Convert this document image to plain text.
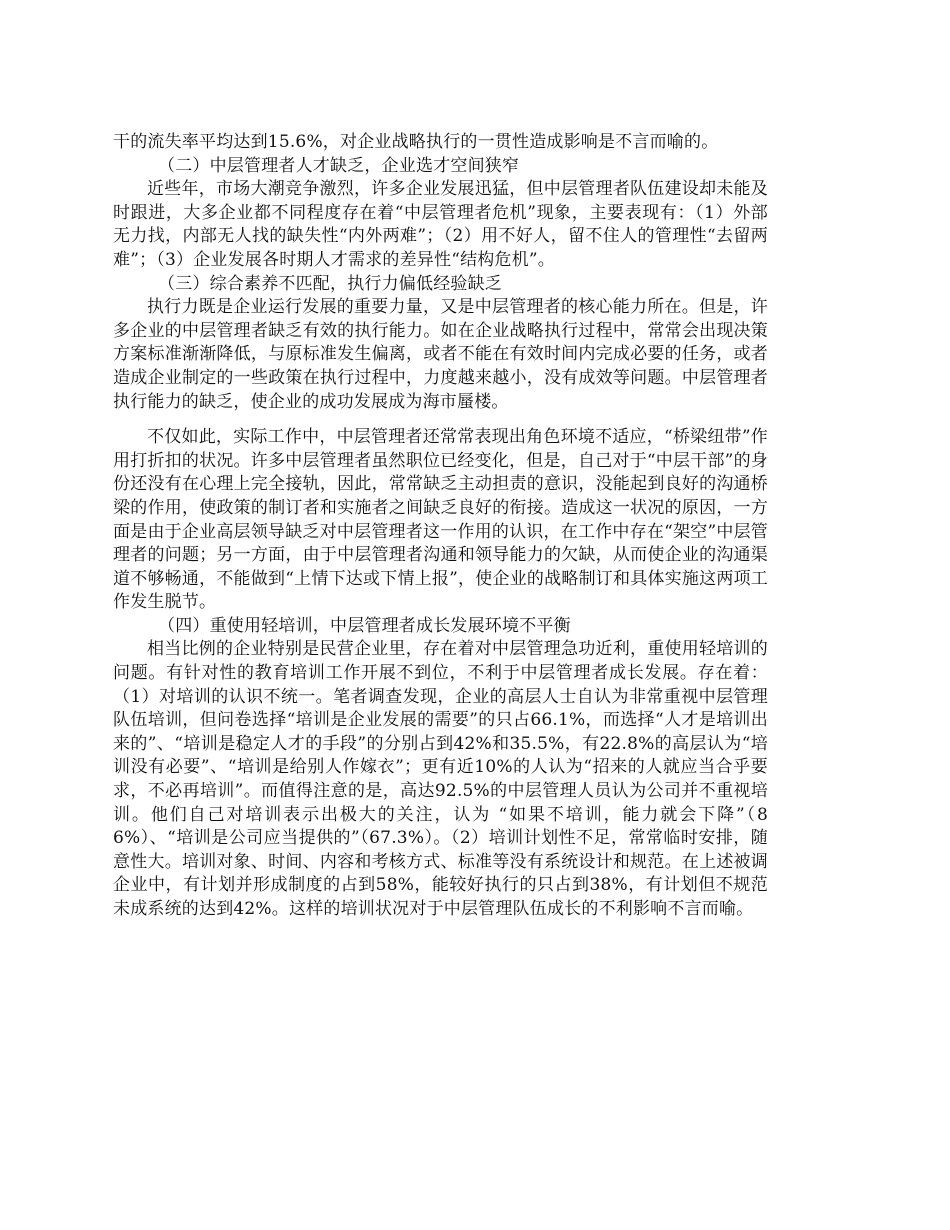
干的流失率平均达到15.6%，对企业战略执行的一贯性造成影响是不言而喻的。

（二）中层管理者人才缺乏，企业选才空间狭窄

近些年，市场大潮竞争激烈，许多企业发展迅猛，但中层管理者队伍建设却未能及时跟进，大多企业都不同程度存在着“中层管理者危机”现象，主要表现有：（1）外部无力找，内部无人找的缺失性“内外两难”；（2）用不好人，留不住人的管理性“去留两难”；（3）企业发展各时期人才需求的差异性“结构危机”。

（三）综合素养不匹配，执行力偏低经验缺乏

执行力既是企业运行发展的重要力量，又是中层管理者的核心能力所在。但是，许多企业的中层管理者缺乏有效的执行能力。如在企业战略执行过程中，常常会出现决策方案标准渐渐降低，与原标准发生偏离，或者不能在有效时间内完成必要的任务，或者造成企业制定的一些政策在执行过程中，力度越来越小，没有成效等问题。中层管理者执行能力的缺乏，使企业的成功发展成为海市蜃楼。

不仅如此，实际工作中，中层管理者还常常表现出角色环境不适应，“桥梁纽带”作用打折扣的状况。许多中层管理者虽然职位已经变化，但是，自己对于“中层干部”的身份还没有在心理上完全接轨，因此，常常缺乏主动担责的意识，没能起到良好的沟通桥梁的作用，使政策的制订者和实施者之间缺乏良好的衔接。造成这一状况的原因，一方面是由于企业高层领导缺乏对中层管理者这一作用的认识，在工作中存在“架空”中层管理者的问题；另一方面，由于中层管理者沟通和领导能力的欠缺，从而使企业的沟通渠道不够畅通，不能做到“上情下达或下情上报”，使企业的战略制订和具体实施这两项工作发生脱节。

（四）重使用轻培训，中层管理者成长发展环境不平衡

相当比例的企业特别是民营企业里，存在着对中层管理急功近利，重使用轻培训的问题。有针对性的教育培训工作开展不到位，不利于中层管理者成长发展。存在着：（1）对培训的认识不统一。笔者调查发现，企业的高层人士自认为非常重视中层管理队伍培训，但问卷选择“培训是企业发展的需要”的只占66.1%，而选择“人才是培训出来的”、“培训是稳定人才的手段”的分别占到42%和35.5%，有22.8%的高层认为“培训没有必要”、“培训是给别人作嫁衣”；更有近10%的人认为“招来的人就应当合乎要求，不必再培训”。而值得注意的是，高达92.5%的中层管理人员认为公司并不重视培训。他们自己对培训表示出极大的关注，认为 “如果不培训，能力就会下降”（86%）、“培训是公司应当提供的”（67.3%）。（2）培训计划性不足，常常临时安排，随意性大。培训对象、时间、内容和考核方式、标准等没有系统设计和规范。在上述被调企业中，有计划并形成制度的占到58%，能较好执行的只占到38%，有计划但不规范未成系统的达到42%。这样的培训状况对于中层管理队伍成长的不利影响不言而喻。
